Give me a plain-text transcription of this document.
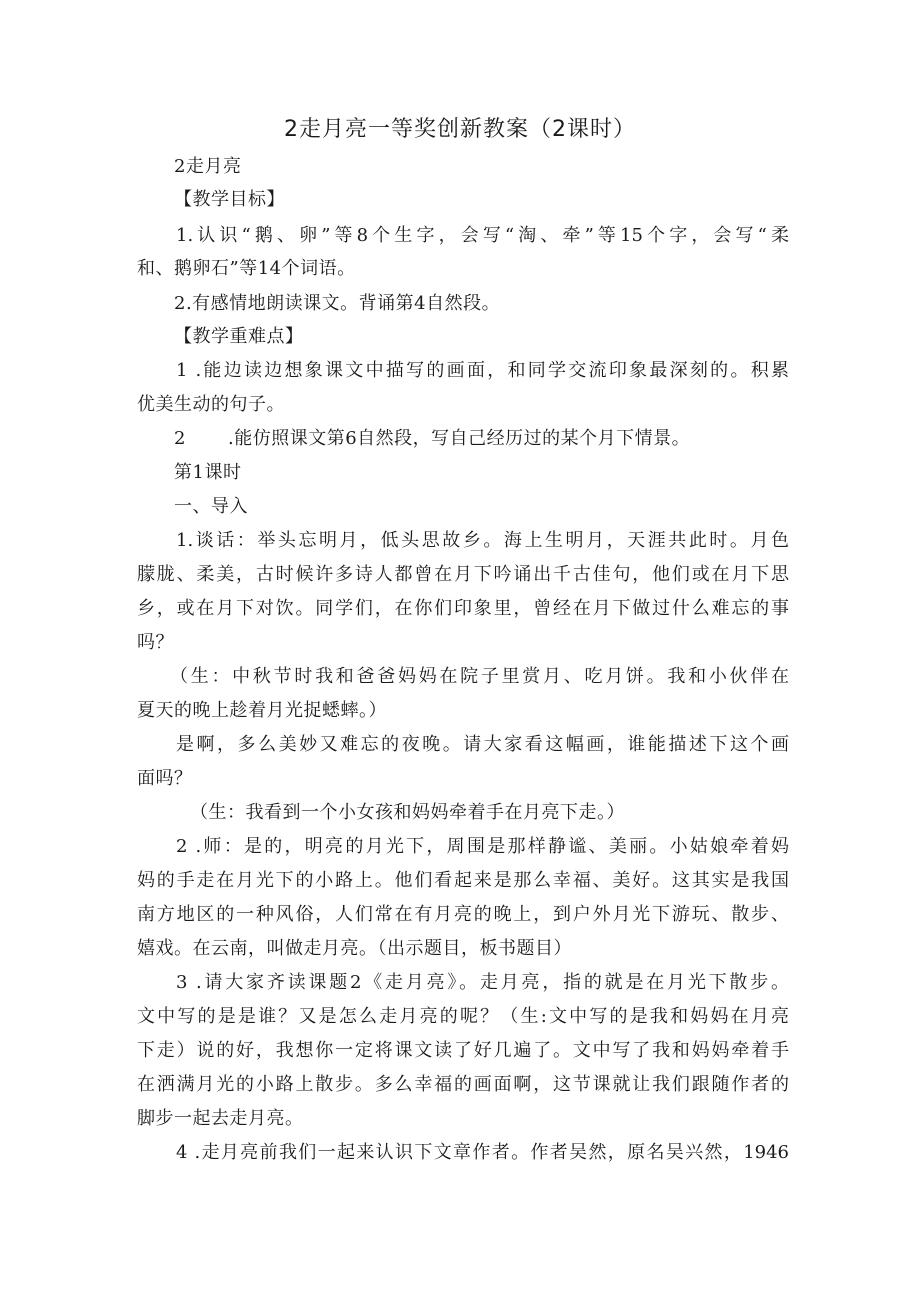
2走月亮一等奖创新教案（2课时）
2走月亮
【教学目标】
1.认识“鹅、卵”等8个生字，会写“淘、牵”等15个字，会写“柔
和、鹅卵石”等14个词语。
2.有感情地朗读课文。背诵第4自然段。
【教学重难点】
1 .能边读边想象课文中描写的画面，和同学交流印象最深刻的。积累
优美生动的句子。
2 .能仿照课文第6自然段，写自己经历过的某个月下情景。
第1课时
一、导入
1.谈话：举头忘明月，低头思故乡。海上生明月，天涯共此时。月色
朦胧、柔美，古时候许多诗人都曾在月下吟诵出千古佳句，他们或在月下思
乡，或在月下对饮。同学们，在你们印象里，曾经在月下做过什么难忘的事
吗？
（生：中秋节时我和爸爸妈妈在院子里赏月、吃月饼。我和小伙伴在
夏天的晚上趁着月光捉蟋蟀。）
是啊，多么美妙又难忘的夜晚。请大家看这幅画，谁能描述下这个画
面吗？
（生：我看到一个小女孩和妈妈牵着手在月亮下走。）
2 .师：是的，明亮的月光下，周围是那样静谧、美丽。小姑娘牵着妈
妈的手走在月光下的小路上。他们看起来是那么幸福、美好。这其实是我国
南方地区的一种风俗，人们常在有月亮的晚上，到户外月光下游玩、散步、
嬉戏。在云南，叫做走月亮。（出示题目，板书题目）
3 .请大家齐读课题2《走月亮》。走月亮，指的就是在月光下散步。
文中写的是是谁？又是怎么走月亮的呢？（生:文中写的是我和妈妈在月亮
下走）说的好，我想你一定将课文读了好几遍了。文中写了我和妈妈牵着手
在洒满月光的小路上散步。多么幸福的画面啊，这节课就让我们跟随作者的
脚步一起去走月亮。
4 .走月亮前我们一起来认识下文章作者。作者吴然，原名吴兴然，1946
